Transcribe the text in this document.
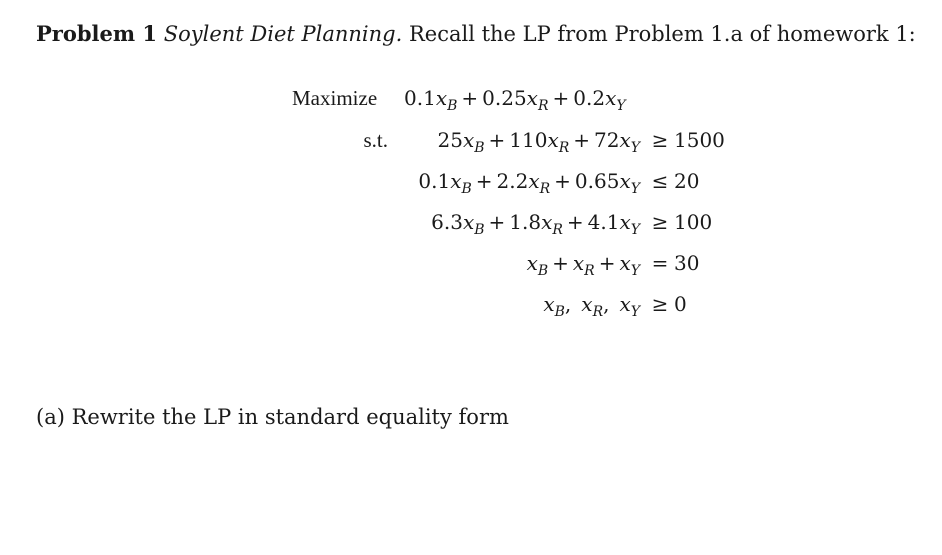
Problem 1 Soylent Diet Planning. Recall the LP from Problem 1.a of homework 1:
Maximize	$0.1x_B + 0.25x_R + 0.2x_Y$
s.t.	$25x_B + 110x_R + 72x_Y \ge 1500$
$0.1x_B + 2.2x_R + 0.65x_Y \le 20$
$6.3x_B + 1.8x_R + 4.1x_Y \ge 100$
$x_B + x_R + x_Y = 30$
$x_B$, $x_R$, $x_Y \ge 0$
(a) Rewrite the LP in standard equality form
